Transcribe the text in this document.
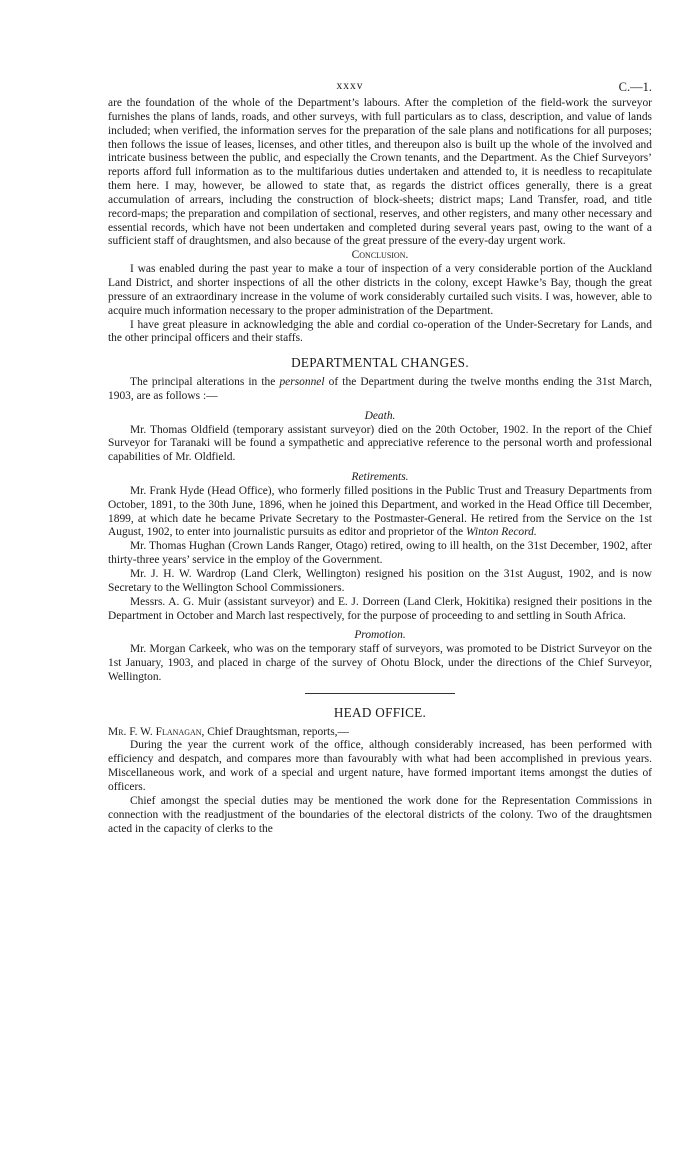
xxxv	C.—1.

are the foundation of the whole of the Department’s labours. After the completion of the field-work the surveyor furnishes the plans of lands, roads, and other surveys, with full particulars as to class, description, and value of lands included; when verified, the information serves for the preparation of the sale plans and notifications for all purposes; then follows the issue of leases, licenses, and other titles, and thereupon also is built up the whole of the involved and intricate business between the public, and especially the Crown tenants, and the Department. As the Chief Surveyors’ reports afford full information as to the multifarious duties undertaken and attended to, it is needless to recapitulate them here. I may, however, be allowed to state that, as regards the district offices generally, there is a great accumulation of arrears, including the construction of block-sheets; district maps; Land Transfer, road, and title record-maps; the preparation and compilation of sectional, reserves, and other registers, and many other necessary and essential records, which have not been undertaken and completed during several years past, owing to the want of a sufficient staff of draughtsmen, and also because of the great pressure of the every-day urgent work.

Conclusion.

I was enabled during the past year to make a tour of inspection of a very considerable portion of the Auckland Land District, and shorter inspections of all the other districts in the colony, except Hawke’s Bay, though the great pressure of an extraordinary increase in the volume of work considerably curtailed such visits. I was, however, able to acquire much information necessary to the proper administration of the Department.

I have great pleasure in acknowledging the able and cordial co-operation of the Under-Secretary for Lands, and the other principal officers and their staffs.

DEPARTMENTAL CHANGES.

The principal alterations in the personnel of the Department during the twelve months ending the 31st March, 1903, are as follows :—

Death.

Mr. Thomas Oldfield (temporary assistant surveyor) died on the 20th October, 1902. In the report of the Chief Surveyor for Taranaki will be found a sympathetic and appreciative reference to the personal worth and professional capabilities of Mr. Oldfield.

Retirements.

Mr. Frank Hyde (Head Office), who formerly filled positions in the Public Trust and Treasury Departments from October, 1891, to the 30th June, 1896, when he joined this Department, and worked in the Head Office till December, 1899, at which date he became Private Secretary to the Postmaster-General. He retired from the Service on the 1st August, 1902, to enter into journalistic pursuits as editor and proprietor of the Winton Record.

Mr. Thomas Hughan (Crown Lands Ranger, Otago) retired, owing to ill health, on the 31st December, 1902, after thirty-three years’ service in the employ of the Government.

Mr. J. H. W. Wardrop (Land Clerk, Wellington) resigned his position on the 31st August, 1902, and is now Secretary to the Wellington School Commissioners.

Messrs. A. G. Muir (assistant surveyor) and E. J. Dorreen (Land Clerk, Hokitika) resigned their positions in the Department in October and March last respectively, for the purpose of proceeding to and settling in South Africa.

Promotion.

Mr. Morgan Carkeek, who was on the temporary staff of surveyors, was promoted to be District Surveyor on the 1st January, 1903, and placed in charge of the survey of Ohotu Block, under the directions of the Chief Surveyor, Wellington.

HEAD OFFICE.

Mr. F. W. Flanagan, Chief Draughtsman, reports,—

During the year the current work of the office, although considerably increased, has been performed with efficiency and despatch, and compares more than favourably with what had been accomplished in previous years. Miscellaneous work, and work of a special and urgent nature, have formed important items amongst the duties of officers.

Chief amongst the special duties may be mentioned the work done for the Representation Commissions in connection with the readjustment of the boundaries of the electoral districts of the colony. Two of the draughtsmen acted in the capacity of clerks to the
